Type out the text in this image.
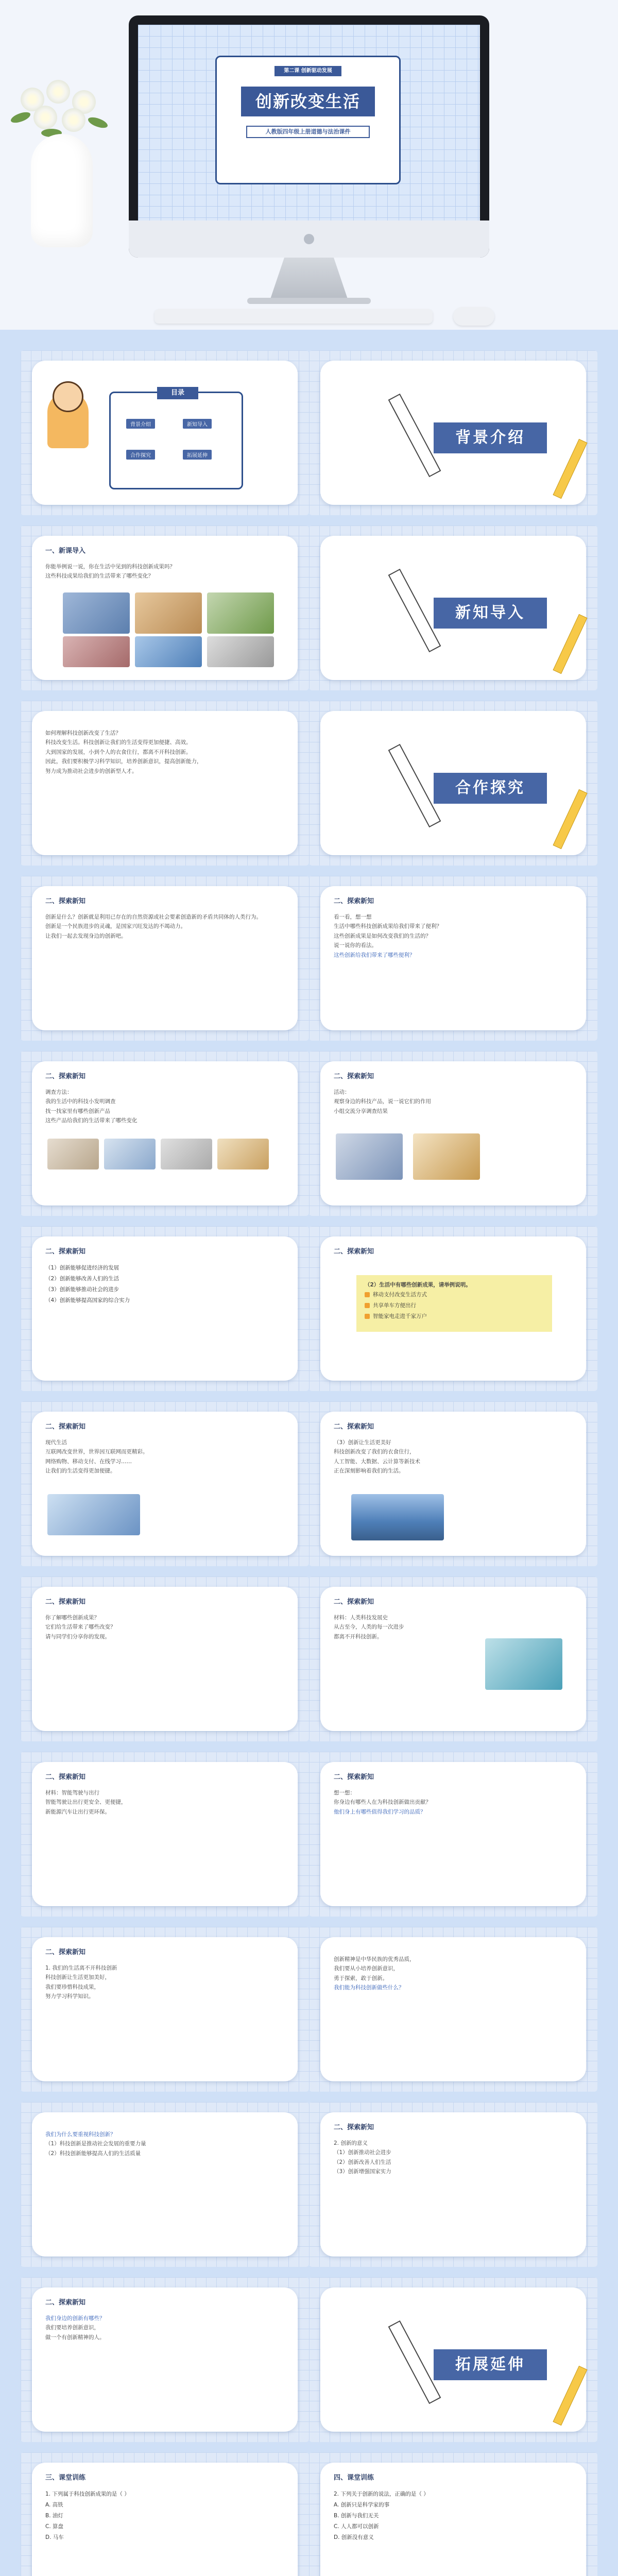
第二课 创新驱动发展
创新改变生活
人教版四年级上册道德与法治课件
目录
背景介绍	新知导入
合作探究	拓展延伸
背景介绍
一、新课导入
你能举例说一说，你在生活中见到的科技创新成果吗？
这些科技成果给我们的生活带来了哪些变化？
新知导入
如何理解科技创新改变了生活？
科技改变生活。科技创新让我们的生活变得更加便捷、高效。
大到国家的发展，小到个人的衣食住行，都离不开科技创新。
因此，我们要积极学习科学知识，培养创新意识，提高创新能力，
努力成为推动社会进步的创新型人才。
合作探究
二、探索新知
创新是什么？创新就是利用已存在的自然资源或社会要素创造新的矛盾共同体的人类行为。
创新是一个民族进步的灵魂，是国家兴旺发达的不竭动力。
让我们一起去发现身边的创新吧。
二、探索新知
看一看，想一想
生活中哪些科技创新成果给我们带来了便利？
这些创新成果是如何改变我们的生活的？
说一说你的看法。
这些创新给我们带来了哪些便利？
二、探索新知
调查方法：
我的生活中的科技小发明调查
找一找家里有哪些创新产品
这些产品给我们的生活带来了哪些变化
二、探索新知
活动：
观察身边的科技产品，说一说它们的作用
小组交流分享调查结果
二、探索新知
（1）创新能够促进经济的发展
（2）创新能够改善人们的生活
（3）创新能够推动社会的进步
（4）创新能够提高国家的综合实力
二、探索新知
（2）生活中有哪些创新成果，请举例说明。
移动支付改变生活方式
共享单车方便出行
智能家电走进千家万户
二、探索新知
现代生活
互联网改变世界，世界因互联网而更精彩。
网络购物、移动支付、在线学习……
让我们的生活变得更加便捷。
二、探索新知
（3）创新让生活更美好
科技创新改变了我们的衣食住行，
人工智能、大数据、云计算等新技术
正在深刻影响着我们的生活。
二、探索新知
你了解哪些创新成果？
它们给生活带来了哪些改变？
请与同学们分享你的发现。
二、探索新知
材料：人类科技发展史
从古至今，人类的每一次进步
都离不开科技创新。
二、探索新知
材料：智能驾驶与出行
智能驾驶让出行更安全、更便捷，
新能源汽车让出行更环保。
二、探索新知
想一想：
你身边有哪些人在为科技创新做出贡献？
他们身上有哪些值得我们学习的品质？
二、探索新知
1. 我们的生活离不开科技创新
科技创新让生活更加美好，
我们要珍惜科技成果，
努力学习科学知识。
创新精神是中华民族的优秀品质，
我们要从小培养创新意识，
勇于探索，敢于创新。
我们能为科技创新做些什么？
我们为什么要重视科技创新？
（1）科技创新是推动社会发展的重要力量
（2）科技创新能够提高人们的生活质量
二、探索新知
2. 创新的意义
（1）创新推动社会进步
（2）创新改善人们生活
（3）创新增强国家实力
二、探索新知
我们身边的创新有哪些？
我们要培养创新意识，
做一个有创新精神的人。
拓展延伸
三、课堂训练
1. 下列属于科技创新成果的是（ ）
A. 高铁
B. 油灯
C. 算盘
D. 马车
四、课堂训练
2. 下列关于创新的说法，正确的是（ ）
A. 创新只是科学家的事
B. 创新与我们无关
C. 人人都可以创新
D. 创新没有意义
